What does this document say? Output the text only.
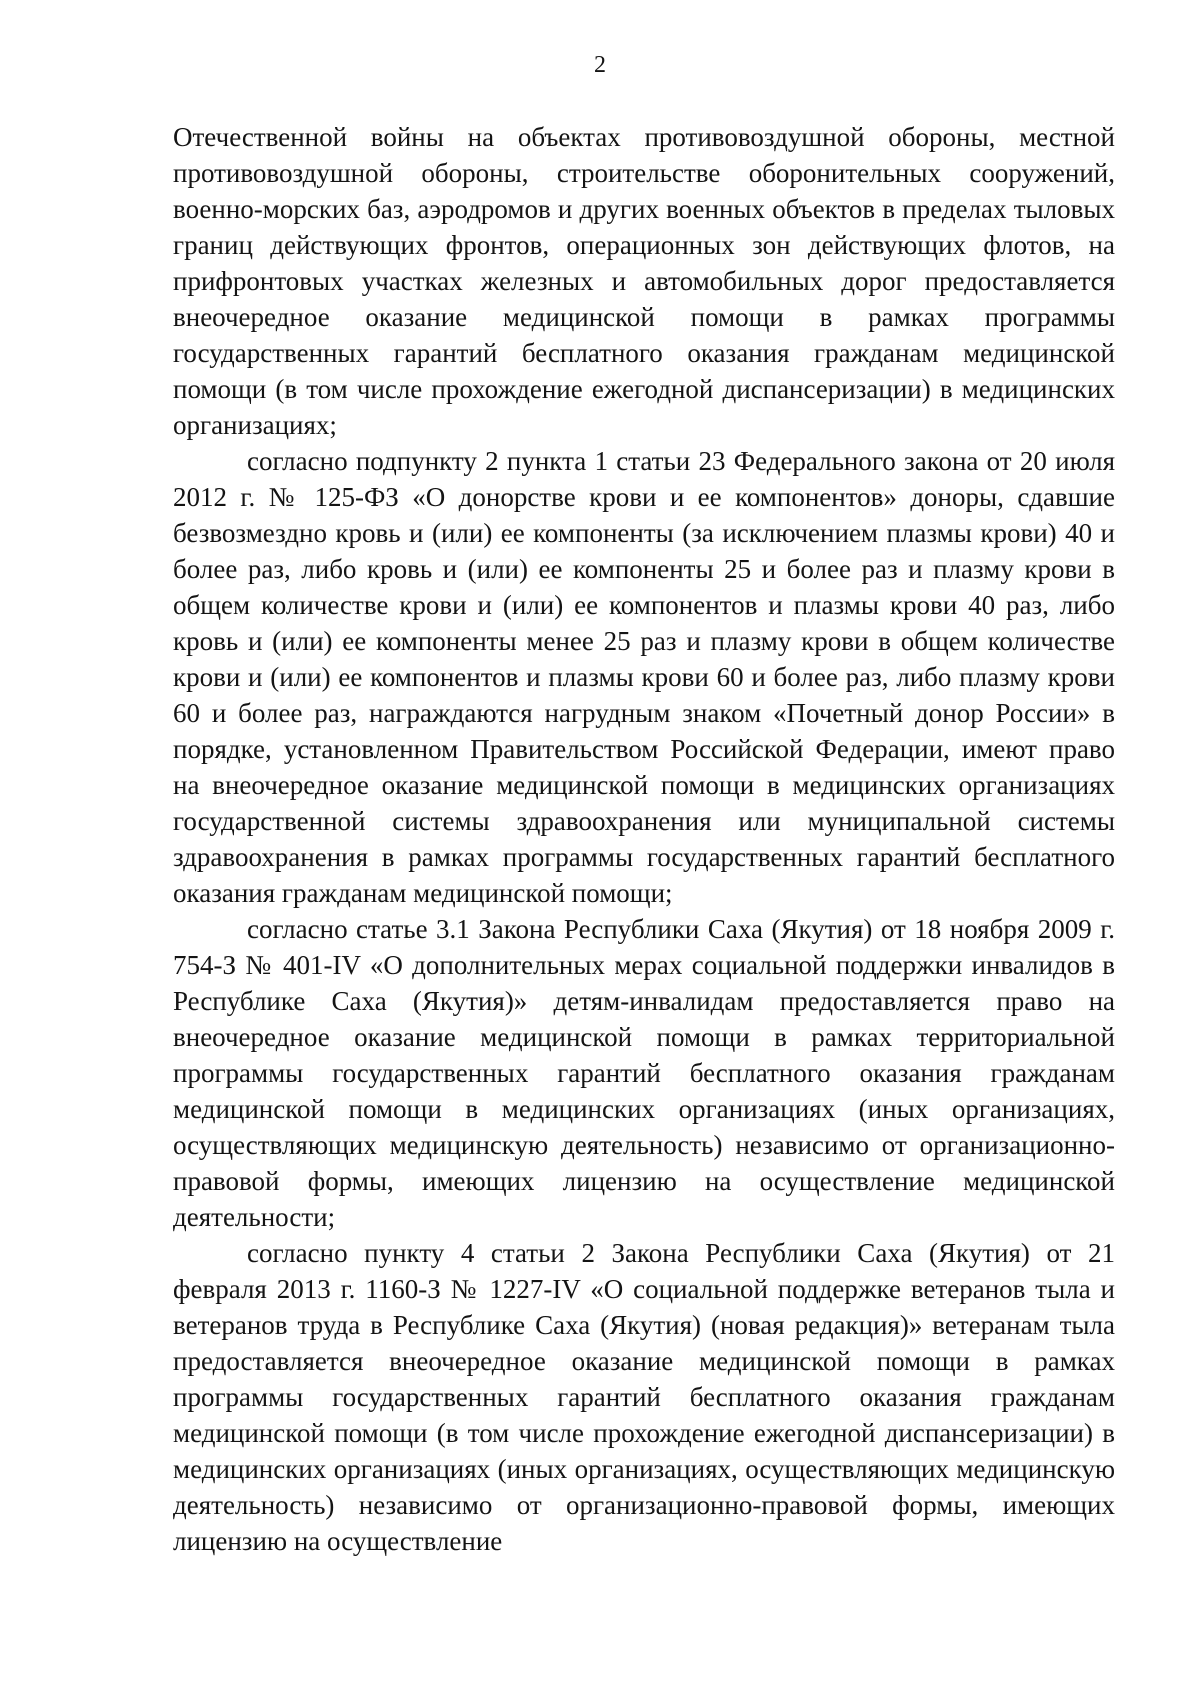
2

Отечественной войны на объектах противовоздушной обороны, местной противовоздушной обороны, строительстве оборонительных сооружений, военно-морских баз, аэродромов и других военных объектов в пределах тыловых границ действующих фронтов, операционных зон действующих флотов, на прифронтовых участках железных и автомобильных дорог предоставляется внеочередное оказание медицинской помощи в рамках программы государственных гарантий бесплатного оказания гражданам медицинской помощи (в том числе прохождение ежегодной диспансеризации) в медицинских организациях;

согласно подпункту 2 пункта 1 статьи 23 Федерального закона от 20 июля 2012 г. № 125-ФЗ «О донорстве крови и ее компонентов» доноры, сдавшие безвозмездно кровь и (или) ее компоненты (за исключением плазмы крови) 40 и более раз, либо кровь и (или) ее компоненты 25 и более раз и плазму крови в общем количестве крови и (или) ее компонентов и плазмы крови 40 раз, либо кровь и (или) ее компоненты менее 25 раз и плазму крови в общем количестве крови и (или) ее компонентов и плазмы крови 60 и более раз, либо плазму крови 60 и более раз, награждаются нагрудным знаком «Почетный донор России» в порядке, установленном Правительством Российской Федерации, имеют право на внеочередное оказание медицинской помощи в медицинских организациях государственной системы здравоохранения или муниципальной системы здравоохранения в рамках программы государственных гарантий бесплатного оказания гражданам медицинской помощи;

согласно статье 3.1 Закона Республики Саха (Якутия) от 18 ноября 2009 г. 754-З № 401-IV «О дополнительных мерах социальной поддержки инвалидов в Республике Саха (Якутия)» детям-инвалидам предоставляется право на внеочередное оказание медицинской помощи в рамках территориальной программы государственных гарантий бесплатного оказания гражданам медицинской помощи в медицинских организациях (иных организациях, осуществляющих медицинскую деятельность) независимо от организационно-правовой формы, имеющих лицензию на осуществление медицинской деятельности;

согласно пункту 4 статьи 2 Закона Республики Саха (Якутия) от 21 февраля 2013 г. 1160-З № 1227-IV «О социальной поддержке ветеранов тыла и ветеранов труда в Республике Саха (Якутия) (новая редакция)» ветеранам тыла предоставляется внеочередное оказание медицинской помощи в рамках программы государственных гарантий бесплатного оказания гражданам медицинской помощи (в том числе прохождение ежегодной диспансеризации) в медицинских организациях (иных организациях, осуществляющих медицинскую деятельность) независимо от организационно-правовой формы, имеющих лицензию на осуществление
